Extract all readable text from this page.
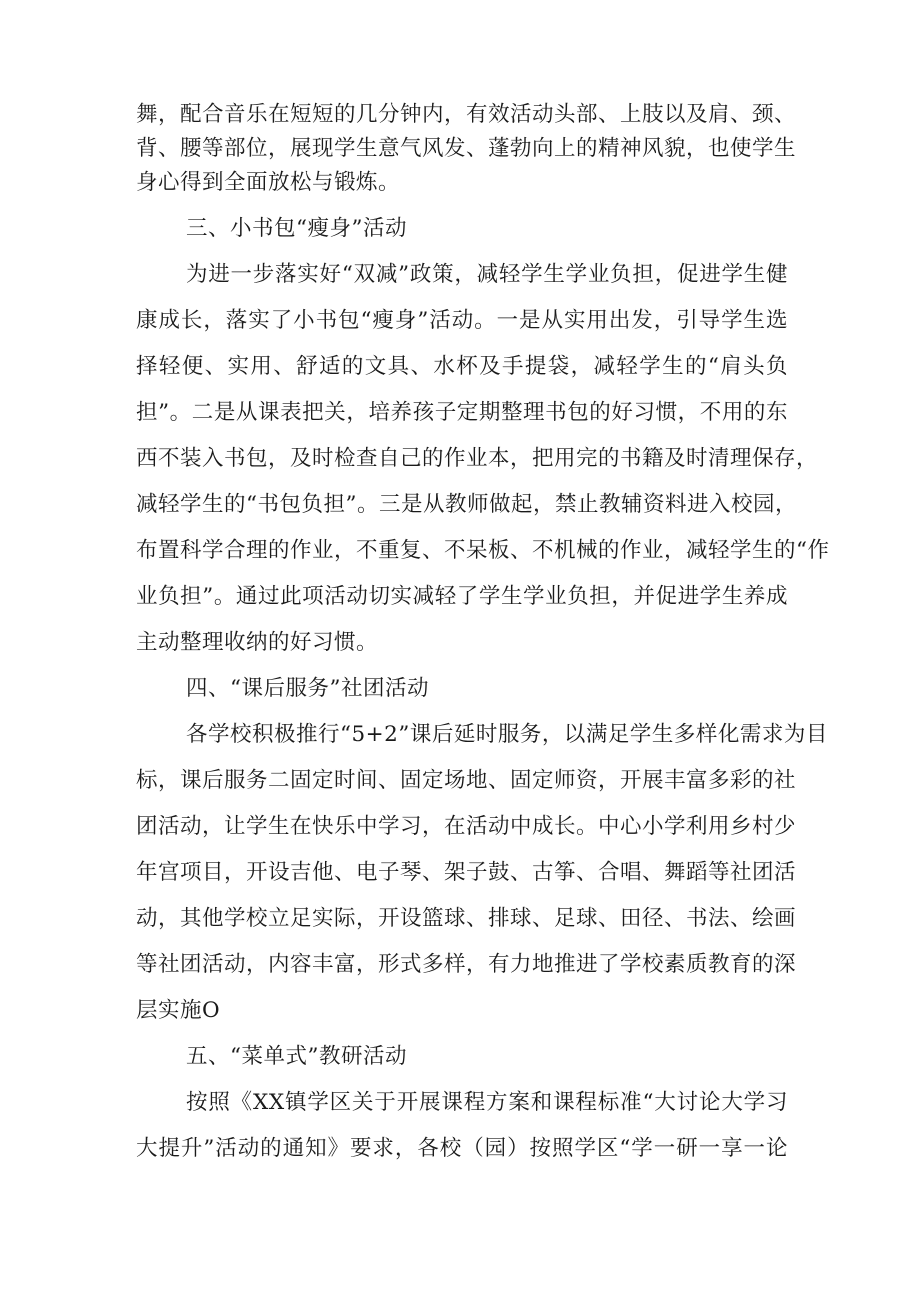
舞，配合音乐在短短的几分钟内，有效活动头部、上肢以及肩、颈、
背、腰等部位，展现学生意气风发、蓬勃向上的精神风貌，也使学生
身心得到全面放松与锻炼。
三、小书包“瘦身”活动
为进一步落实好“双减”政策，减轻学生学业负担，促进学生健
康成长，落实了小书包“瘦身”活动。一是从实用出发，引导学生选
择轻便、实用、舒适的文具、水杯及手提袋，减轻学生的“肩头负
担”。二是从课表把关，培养孩子定期整理书包的好习惯，不用的东
西不装入书包，及时检查自己的作业本，把用完的书籍及时清理保存，
减轻学生的“书包负担”。三是从教师做起，禁止教辅资料进入校园，
布置科学合理的作业，不重复、不呆板、不机械的作业，减轻学生的“作
业负担”。通过此项活动切实减轻了学生学业负担，并促进学生养成
主动整理收纳的好习惯。
四、“课后服务”社团活动
各学校积极推行“5+2”课后延时服务，以满足学生多样化需求为目
标，课后服务二固定时间、固定场地、固定师资，开展丰富多彩的社
团活动，让学生在快乐中学习，在活动中成长。中心小学利用乡村少
年宫项目，开设吉他、电子琴、架子鼓、古筝、合唱、舞蹈等社团活
动，其他学校立足实际，开设篮球、排球、足球、田径、书法、绘画
等社团活动，内容丰富，形式多样，有力地推进了学校素质教育的深
层实施O
五、“菜单式”教研活动
按照《XX镇学区关于开展课程方案和课程标准“大讨论大学习
大提升”活动的通知》要求，各校（园）按照学区“学一研一享一论
